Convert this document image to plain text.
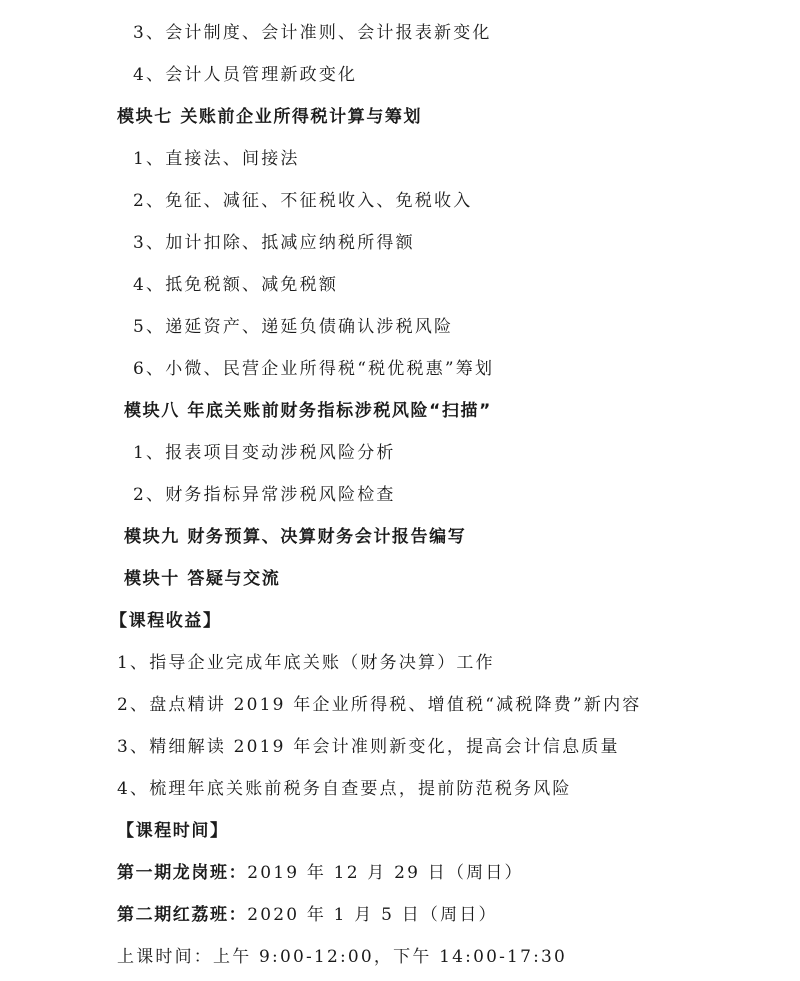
3、会计制度、会计准则、会计报表新变化
4、会计人员管理新政变化
模块七 关账前企业所得税计算与筹划
1、直接法、间接法
2、免征、减征、不征税收入、免税收入
3、加计扣除、抵减应纳税所得额
4、抵免税额、减免税额
5、递延资产、递延负债确认涉税风险
6、小微、民营企业所得税“税优税惠”筹划
模块八 年底关账前财务指标涉税风险“扫描”
1、报表项目变动涉税风险分析
2、财务指标异常涉税风险检查
模块九 财务预算、决算财务会计报告编写
模块十 答疑与交流
【课程收益】
1、指导企业完成年底关账（财务决算）工作
2、盘点精讲 2019 年企业所得税、增值税“减税降费”新内容
3、精细解读 2019 年会计准则新变化，提高会计信息质量
4、梳理年底关账前税务自查要点，提前防范税务风险
【课程时间】
第一期龙岗班：2019 年 12 月 29 日（周日）
第二期红荔班：2020 年 1 月 5 日（周日）
上课时间：上午 9:00-12:00，下午 14:00-17:30
